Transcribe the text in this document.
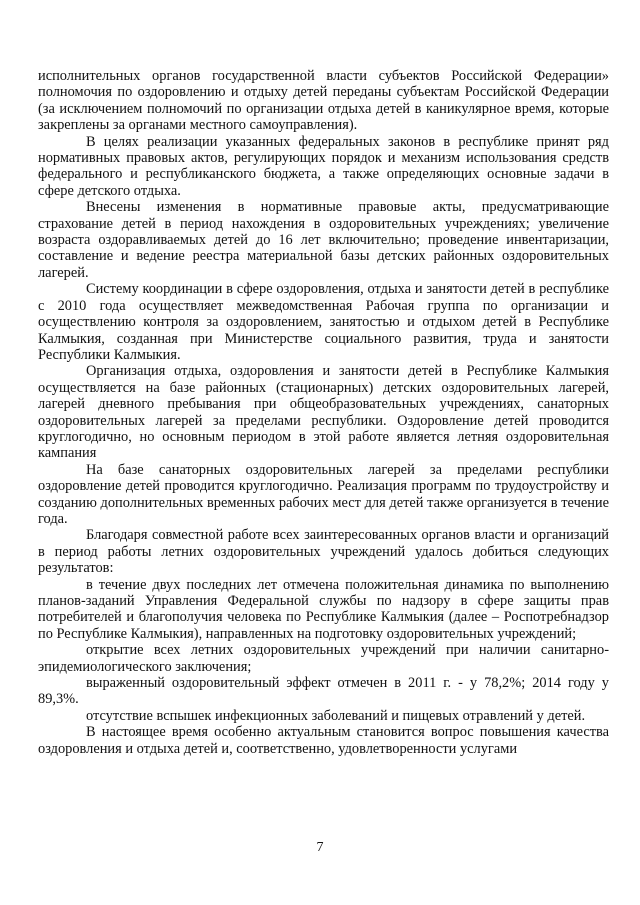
исполнительных органов государственной власти субъектов Российской Федерации» полномочия по оздоровлению и отдыху детей переданы субъектам Российской Федерации (за исключением полномочий по организации отдыха детей в каникулярное время, которые закреплены за органами местного самоуправления).

В целях реализации указанных федеральных законов в республике принят ряд нормативных правовых актов, регулирующих порядок и механизм использования средств федерального и республиканского бюджета, а также определяющих основные задачи в сфере детского отдыха.

Внесены изменения в нормативные правовые акты, предусматривающие страхование детей в период нахождения в оздоровительных учреждениях; увеличение возраста оздоравливаемых детей до 16 лет включительно; проведение инвентаризации, составление и ведение реестра материальной базы детских районных оздоровительных лагерей.

Систему координации в сфере оздоровления, отдыха и занятости детей в республике с 2010 года осуществляет межведомственная Рабочая группа по организации и осуществлению контроля за оздоровлением, занятостью и отдыхом детей в Республике Калмыкия, созданная при Министерстве социального развития, труда и занятости Республики Калмыкия.

Организация отдыха, оздоровления и занятости детей в Республике Калмыкия осуществляется на базе районных (стационарных) детских оздоровительных лагерей, лагерей дневного пребывания при общеобразовательных учреждениях, санаторных оздоровительных лагерей за пределами республики. Оздоровление детей проводится круглогодично, но основным периодом в этой работе является летняя оздоровительная кампания

На базе санаторных оздоровительных лагерей за пределами республики оздоровление детей проводится круглогодично. Реализация программ по трудоустройству и созданию дополнительных временных рабочих мест для детей также организуется в течение года.

Благодаря совместной работе всех заинтересованных органов власти и организаций в период работы летних оздоровительных учреждений удалось добиться следующих результатов:

в течение двух последних лет отмечена положительная динамика по выполнению планов-заданий Управления Федеральной службы по надзору в сфере защиты прав потребителей и благополучия человека по Республике Калмыкия (далее – Роспотребнадзор по Республике Калмыкия), направленных на подготовку оздоровительных учреждений;

открытие всех летних оздоровительных учреждений при наличии санитарно-эпидемиологического заключения;

выраженный оздоровительный эффект отмечен в 2011 г. - у 78,2%; 2014 году у 89,3%.

отсутствие вспышек инфекционных заболеваний и пищевых отравлений у детей.

В настоящее время особенно актуальным становится вопрос повышения качества оздоровления и отдыха детей и, соответственно, удовлетворенности услугами

7
